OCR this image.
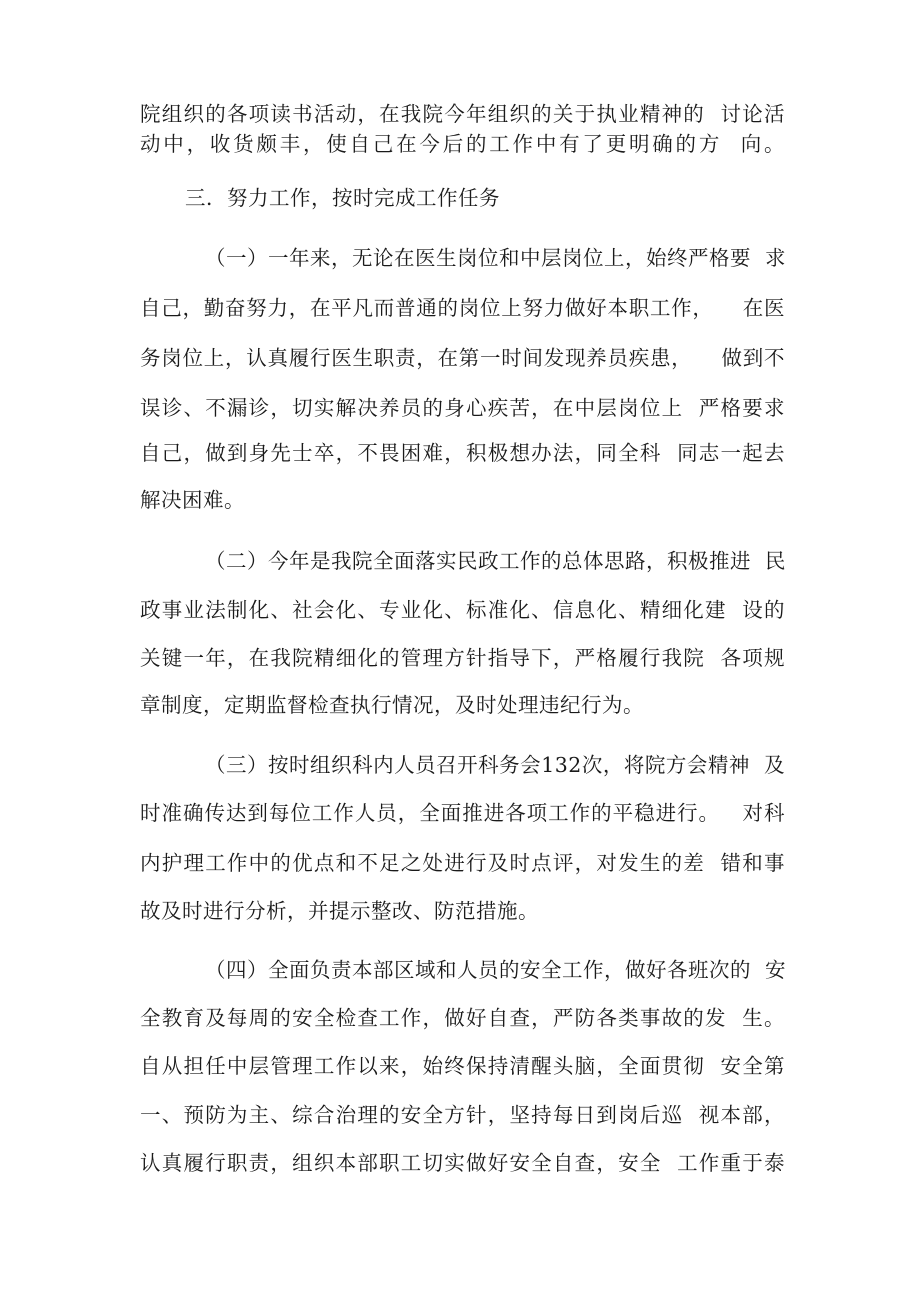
院组织的各项读书活动，在我院今年组织的关于执业精神的  讨论活
动中，收货颇丰，使自己在今后的工作中有了更明确的方  向。
三．努力工作，按时完成工作任务
（一）一年来，无论在医生岗位和中层岗位上，始终严格要  求
自己，勤奋努力，在平凡而普通的岗位上努力做好本职工作，    在医
务岗位上，认真履行医生职责，在第一时间发现养员疾患，    做到不
误诊、不漏诊，切实解决养员的身心疾苦，在中层岗位上  严格要求
自己，做到身先士卒，不畏困难，积极想办法，同全科  同志一起去
解决困难。
（二）今年是我院全面落实民政工作的总体思路，积极推进  民
政事业法制化、社会化、专业化、标准化、信息化、精细化建  设的
关键一年，在我院精细化的管理方针指导下，严格履行我院  各项规
章制度，定期监督检查执行情况，及时处理违纪行为。
（三）按时组织科内人员召开科务会132次，将院方会精神  及
时准确传达到每位工作人员，全面推进各项工作的平稳进行。   对科
内护理工作中的优点和不足之处进行及时点评，对发生的差  错和事
故及时进行分析，并提示整改、防范措施。
（四）全面负责本部区域和人员的安全工作，做好各班次的  安
全教育及每周的安全检查工作，做好自查，严防各类事故的发  生。
自从担任中层管理工作以来，始终保持清醒头脑，全面贯彻  安全第
一、预防为主、综合治理的安全方针，坚持每日到岗后巡  视本部，
认真履行职责，组织本部职工切实做好安全自查，安全  工作重于泰
